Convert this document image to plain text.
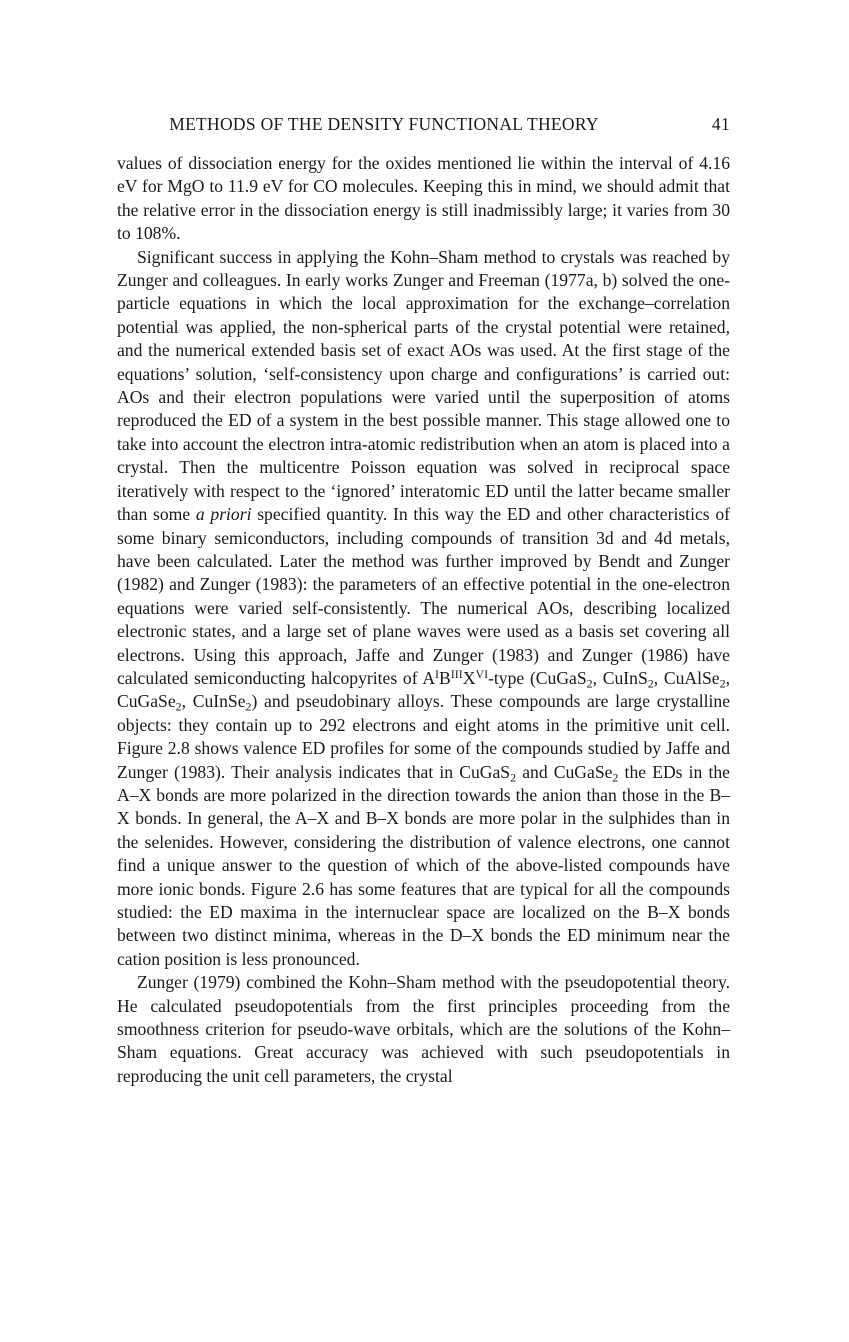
METHODS OF THE DENSITY FUNCTIONAL THEORY	41

values of dissociation energy for the oxides mentioned lie within the interval of 4.16 eV for MgO to 11.9 eV for CO molecules. Keeping this in mind, we should admit that the relative error in the dissociation energy is still inadmissibly large; it varies from 30 to 108%.

Significant success in applying the Kohn–Sham method to crystals was reached by Zunger and colleagues. In early works Zunger and Freeman (1977a, b) solved the one-particle equations in which the local approximation for the exchange–correlation potential was applied, the non-spherical parts of the crystal potential were retained, and the numerical extended basis set of exact AOs was used. At the first stage of the equations’ solution, ‘self-consistency upon charge and configurations’ is carried out: AOs and their electron populations were varied until the superposition of atoms reproduced the ED of a system in the best possible manner. This stage allowed one to take into account the electron intra-atomic redistribution when an atom is placed into a crystal. Then the multicentre Poisson equation was solved in reciprocal space iteratively with respect to the ‘ignored’ interatomic ED until the latter became smaller than some a priori specified quantity. In this way the ED and other characteristics of some binary semiconductors, including compounds of transition 3d and 4d metals, have been calculated. Later the method was further improved by Bendt and Zunger (1982) and Zunger (1983): the parameters of an effective potential in the one-electron equations were varied self-consistently. The numerical AOs, describing localized electronic states, and a large set of plane waves were used as a basis set covering all electrons. Using this approach, Jaffe and Zunger (1983) and Zunger (1986) have calculated semiconducting halcopyrites of $A^IB^{III}X^{VI}$-type (CuGaS$_2$, CuInS$_2$, CuAlSe$_2$, CuGaSe$_2$, CuInSe$_2$) and pseudobinary alloys. These compounds are large crystalline objects: they contain up to 292 electrons and eight atoms in the primitive unit cell. Figure 2.8 shows valence ED profiles for some of the compounds studied by Jaffe and Zunger (1983). Their analysis indicates that in CuGaS$_2$ and CuGaSe$_2$ the EDs in the A–X bonds are more polarized in the direction towards the anion than those in the B–X bonds. In general, the A–X and B–X bonds are more polar in the sulphides than in the selenides. However, considering the distribution of valence electrons, one cannot find a unique answer to the question of which of the above-listed compounds have more ionic bonds. Figure 2.6 has some features that are typical for all the compounds studied: the ED maxima in the internuclear space are localized on the B–X bonds between two distinct minima, whereas in the D–X bonds the ED minimum near the cation position is less pronounced.

Zunger (1979) combined the Kohn–Sham method with the pseudopotential theory. He calculated pseudopotentials from the first principles proceeding from the smoothness criterion for pseudo-wave orbitals, which are the solutions of the Kohn–Sham equations. Great accuracy was achieved with such pseudopotentials in reproducing the unit cell parameters, the crystal
